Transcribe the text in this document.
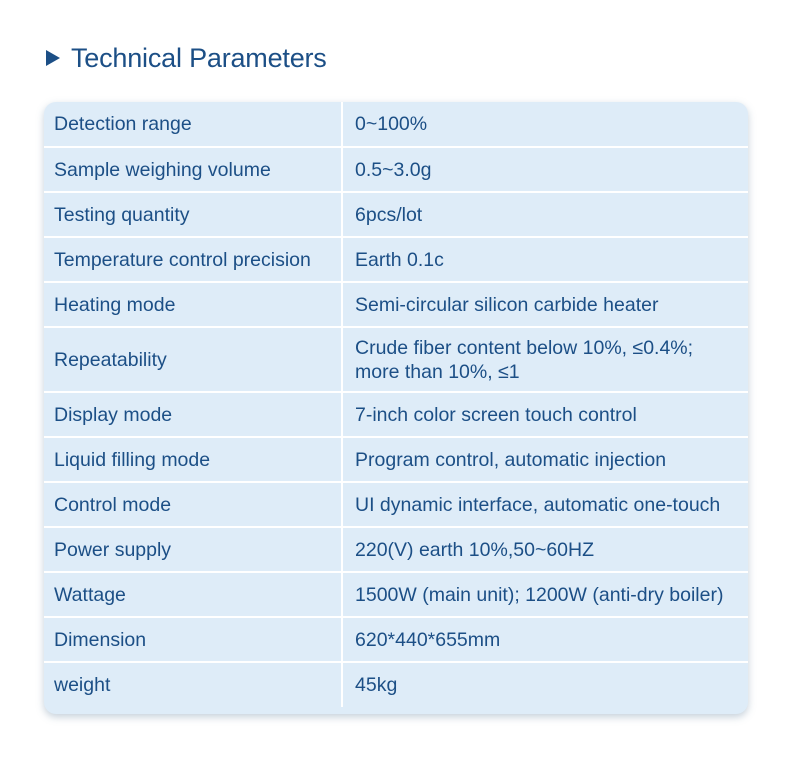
Technical Parameters
Detection range	0~100%

Sample weighing volume	0.5~3.0g

Testing quantity	6pcs/lot

Temperature control precision	Earth 0.1c

Heating mode	Semi-circular silicon carbide heater

Repeatability	Crude fiber content below 10%, ≤0.4%;
more than 10%, ≤1

Display mode	7-inch color screen touch control

Liquid filling mode	Program control, automatic injection

Control mode	UI dynamic interface, automatic one-touch

Power supply	220(V) earth 10%,50~60HZ

Wattage	1500W (main unit); 1200W (anti-dry boiler)

Dimension	620*440*655mm

weight	45kg
